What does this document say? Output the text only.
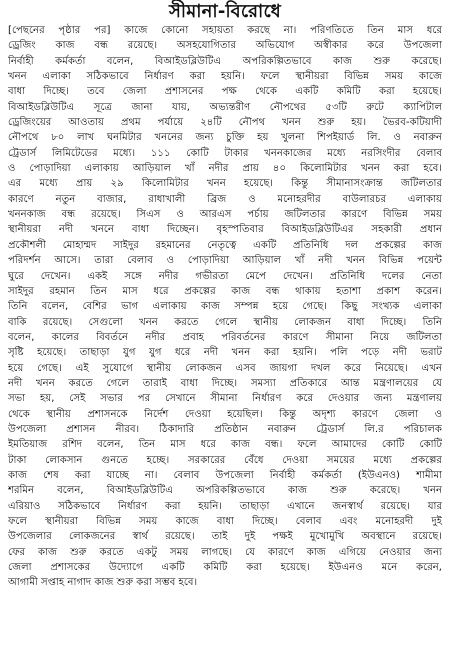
সীমানা-বিরোধে
[পেছনের পৃষ্ঠার পর] কাজে কোনো সহায়তা করছে না। পরিণতিতে তিন মাস ধরে
ড্রেজিং কাজ বন্ধ রয়েছে। অসহযোগিতার অভিযোগ অস্বীকার করে উপজেলা
নির্বাহী কর্মকর্তা বলেন, বিআইডব্লিউটিএ অপরিকল্পিতভাবে কাজ শুরু করেছে।
খনন এলাকা সঠিকভাবে নির্ধারণ করা হয়নি। ফলে স্থানীয়রা বিভিন্ন সময় কাজে
বাধা দিচ্ছে। তবে জেলা প্রশাসনের পক্ষ থেকে একটি কমিটি করা হয়েছে।
বিআইডব্লিউটিএ সূত্রে জানা যায়, অভ্যন্তরীণ নৌপথের ৫৩টি রুটে ক্যাপিটাল
ড্রেজিংয়ের আওতায় প্রথম পর্যায়ে ২৪টি নৌপথ খনন শুরু হয়। ভৈরব-কটিয়াদী
নৌপথে ৮০ লাখ ঘনমিটার খননের জন্য চুক্তি হয় খুলনা শিপইয়ার্ড লি. ও নবারুন
ট্রেডার্স লিমিটেডের মধ্যে। ১১১ কোটি টাকার খননকাজের মধ্যে নরসিংদীর বেলাব
ও পোড়াদিয়া এলাকায় আড়িয়াল খাঁ নদীর প্রায় ৪০ কিলোমিটার খনন করা হবে।
এর মধ্যে প্রায় ২৯ কিলোমিটার খনন হয়েছে। কিন্তু সীমানাসংক্রান্ত জটিলতার
কারণে নতুন বাজার, রাধাখালী ব্রিজ ও মনোহরদীর বাউলারচর এলাকায়
খননকাজ বন্ধ রয়েছে। সিএস ও আরএস পর্চায় জটিলতার কারণে বিভিন্ন সময়
স্থানীয়রা নদী খননে বাধা দিচ্ছেন। বৃহস্পতিবার বিআইডব্লিউটিএর সহকারী প্রধান
প্রকৌশলী মোহাম্মদ সাইদুর রহমানের নেতৃত্বে একটি প্রতিনিধি দল প্রকল্পের কাজ
পরিদর্শন আসে। তারা বেলাব ও পোড়াদিয়া আড়িয়াল খাঁ নদী খনন বিভিন্ন পয়েন্ট
ঘুরে দেখেন। একই সঙ্গে নদীর গভীরতা মেপে দেখেন। প্রতিনিধি দলের নেতা
সাইদুর রহমান তিন মাস ধরে প্রকল্পের কাজ বন্ধ থাকায় হতাশা প্রকাশ করেন।
তিনি বলেন, বেশির ভাগ এলাকায় কাজ সম্পন্ন হয়ে গেছে। কিছু সংখ্যক এলাকা
বাকি রয়েছে। সেগুলো খনন করতে গেলে স্থানীয় লোকজন বাধা দিচ্ছে। তিনি
বলেন, কালের বিবর্তনে নদীর প্রবাহ পরিবর্তনের কারণে সীমানা নিয়ে জটিলতা
সৃষ্টি হয়েছে। তাছাড়া যুগ যুগ ধরে নদী খনন করা হয়নি। পলি পড়ে নদী ভরাট
হয়ে গেছে। এই সুযোগে স্থানীয় লোকজন এসব জায়গা দখল করে নিয়েছে। এখন
নদী খনন করতে গেলে তারাই বাধা দিচ্ছে। সমস্যা প্রতিকারে আন্ত মন্ত্রণালয়ের যে
সভা হয়, সেই সভার পর সেখানে সীমানা নির্ধারণ করে দেওয়ার জন্য মন্ত্রণালয়
থেকে স্থানীয় প্রশাসনকে নির্দেশ দেওয়া হয়েছিল। কিন্তু অদৃশ্য কারণে জেলা ও
উপজেলা প্রশাসন নীরব। ঠিকাদারি প্রতিষ্ঠান নবারুন ট্রেডার্স লি.র পরিচালক
ইমতিয়াজ রশিদ বলেন, তিন মাস ধরে কাজ বন্ধ। ফলে আমাদের কোটি কোটি
টাকা লোকসান গুনতে হচ্ছে। সরকারের বেঁধে দেওয়া সময়ের মধ্যে প্রকল্পের
কাজ শেষ করা যাচ্ছে না। বেলাব উপজেলা নির্বাহী কর্মকর্তা (ইউএনও) শামীমা
শরমিন বলেন, বিআইডব্লিউটিএ অপরিকল্পিতভাবে কাজ শুরু করেছে। খনন
এরিয়াও সঠিকভাবে নির্ধারণ করা হয়নি। তাছাড়া এখানে জনস্বার্থ রয়েছে। যার
ফলে স্থানীয়রা বিভিন্ন সময় কাজে বাধা দিচ্ছে। বেলাব এবং মনোহরদী দুই
উপজেলার লোকজনের স্বার্থ রয়েছে। তাই দুই পক্ষই মুখোমুখি অবস্থানে রয়েছে।
ফের কাজ শুরু করতে একটু সময় লাগছে। যে কারণে কাজ এগিয়ে নেওয়ার জন্য
জেলা প্রশাসকের উদ্যোগে একটি কমিটি করা হয়েছে। ইউএনও মনে করেন,
আগামী সপ্তাহ নাগাদ কাজ শুরু করা সম্ভব হবে।
